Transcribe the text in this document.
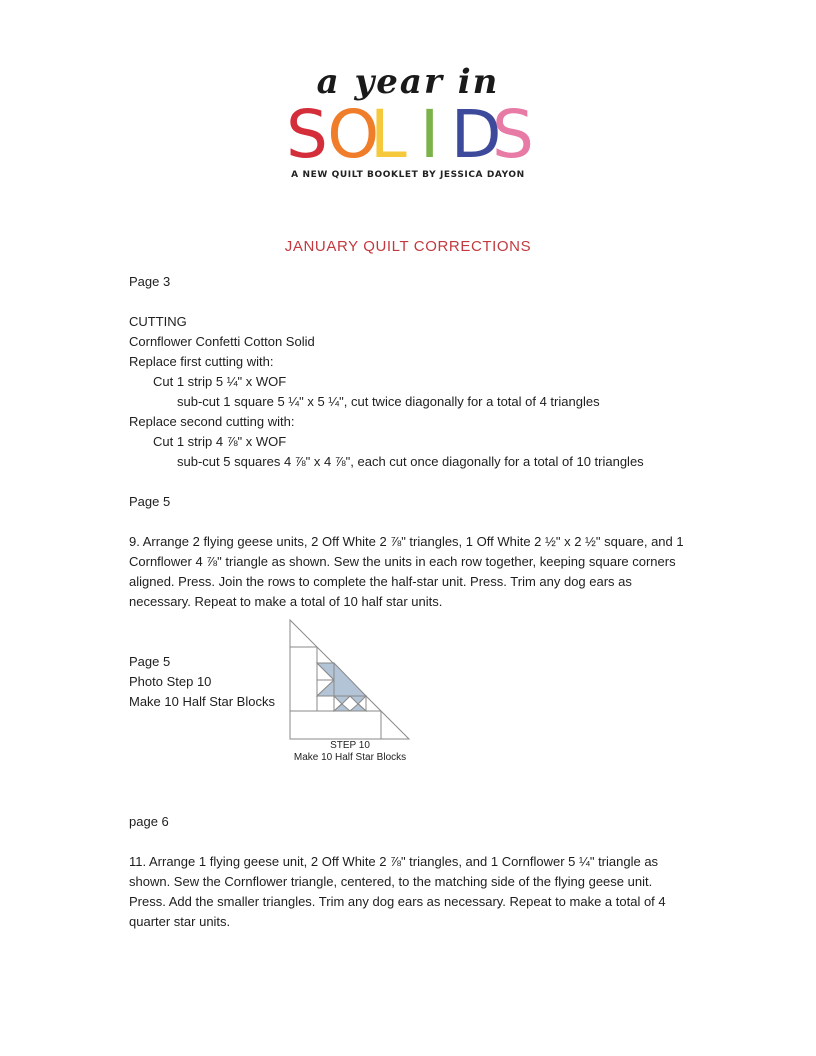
a year in
S O
L I D
S
A NEW QUILT BOOKLET BY JESSICA DAYON
JANUARY QUILT CORRECTIONS
Page 3
CUTTING
Cornflower Confetti Cotton Solid
Replace first cutting with:
Cut 1 strip 5 ¼" x WOF
sub-cut 1 square 5 ¼" x 5 ¼", cut twice diagonally for a total of 4 triangles
Replace second cutting with:
Cut 1 strip 4 ⅞" x WOF
sub-cut 5 squares 4 ⅞" x 4 ⅞", each cut once diagonally for a total of 10 triangles
Page 5
9. Arrange 2 flying geese units, 2 Off White 2 ⅞" triangles, 1 Off White 2 ½" x 2 ½" square, and 1 Cornflower 4 ⅞" triangle as shown. Sew the units in each row together, keeping square corners aligned. Press. Join the rows to complete the half-star unit. Press. Trim any dog ears as necessary. Repeat to make a total of 10 half star units.
Page 5
Photo Step 10
Make 10 Half Star Blocks
STEP 10
Make 10 Half Star Blocks
page 6
11. Arrange 1 flying geese unit, 2 Off White 2 ⅞" triangles, and 1 Cornflower 5 ¼" triangle as shown. Sew the Cornflower triangle, centered, to the matching side of the flying geese unit. Press. Add the smaller triangles. Trim any dog ears as necessary. Repeat to make a total of 4 quarter star units.
